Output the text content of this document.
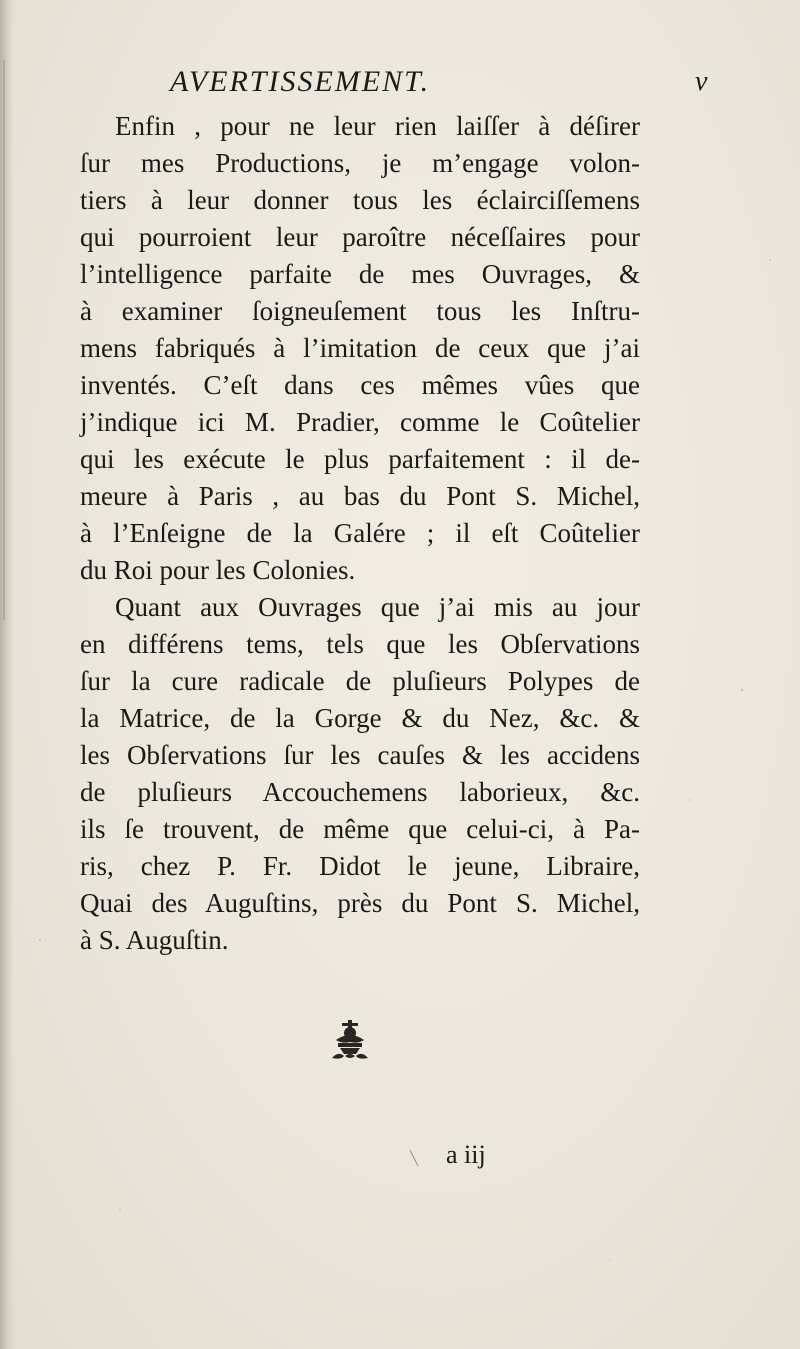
AVERTISSEMENT.	v
Enfin , pour ne leur rien laiſſer à déſirer
ſur mes Productions, je m’engage volon-
tiers à leur donner tous les éclairciſſemens
qui pourroient leur paroître néceſſaires pour
l’intelligence parfaite de mes Ouvrages, &
à examiner ſoigneuſement tous les Inſtru-
mens fabriqués à l’imitation de ceux que j’ai
inventés. C’eſt dans ces mêmes vûes que
j’indique ici M. Pradier, comme le Coûtelier
qui les exécute le plus parfaitement : il de-
meure à Paris , au bas du Pont S. Michel,
à l’Enſeigne de la Galére ; il eſt Coûtelier
du Roi pour les Colonies.
Quant aux Ouvrages que j’ai mis au jour
en différens tems, tels que les Obſervations
ſur la cure radicale de pluſieurs Polypes de
la Matrice, de la Gorge & du Nez, &c. &
les Obſervations ſur les cauſes & les accidens
de pluſieurs Accouchemens laborieux, &c.
ils ſe trouvent, de même que celui-ci, à Pa-
ris, chez P. Fr. Didot le jeune, Libraire,
Quai des Auguſtins, près du Pont S. Michel,
à S. Auguſtin.
a iij
